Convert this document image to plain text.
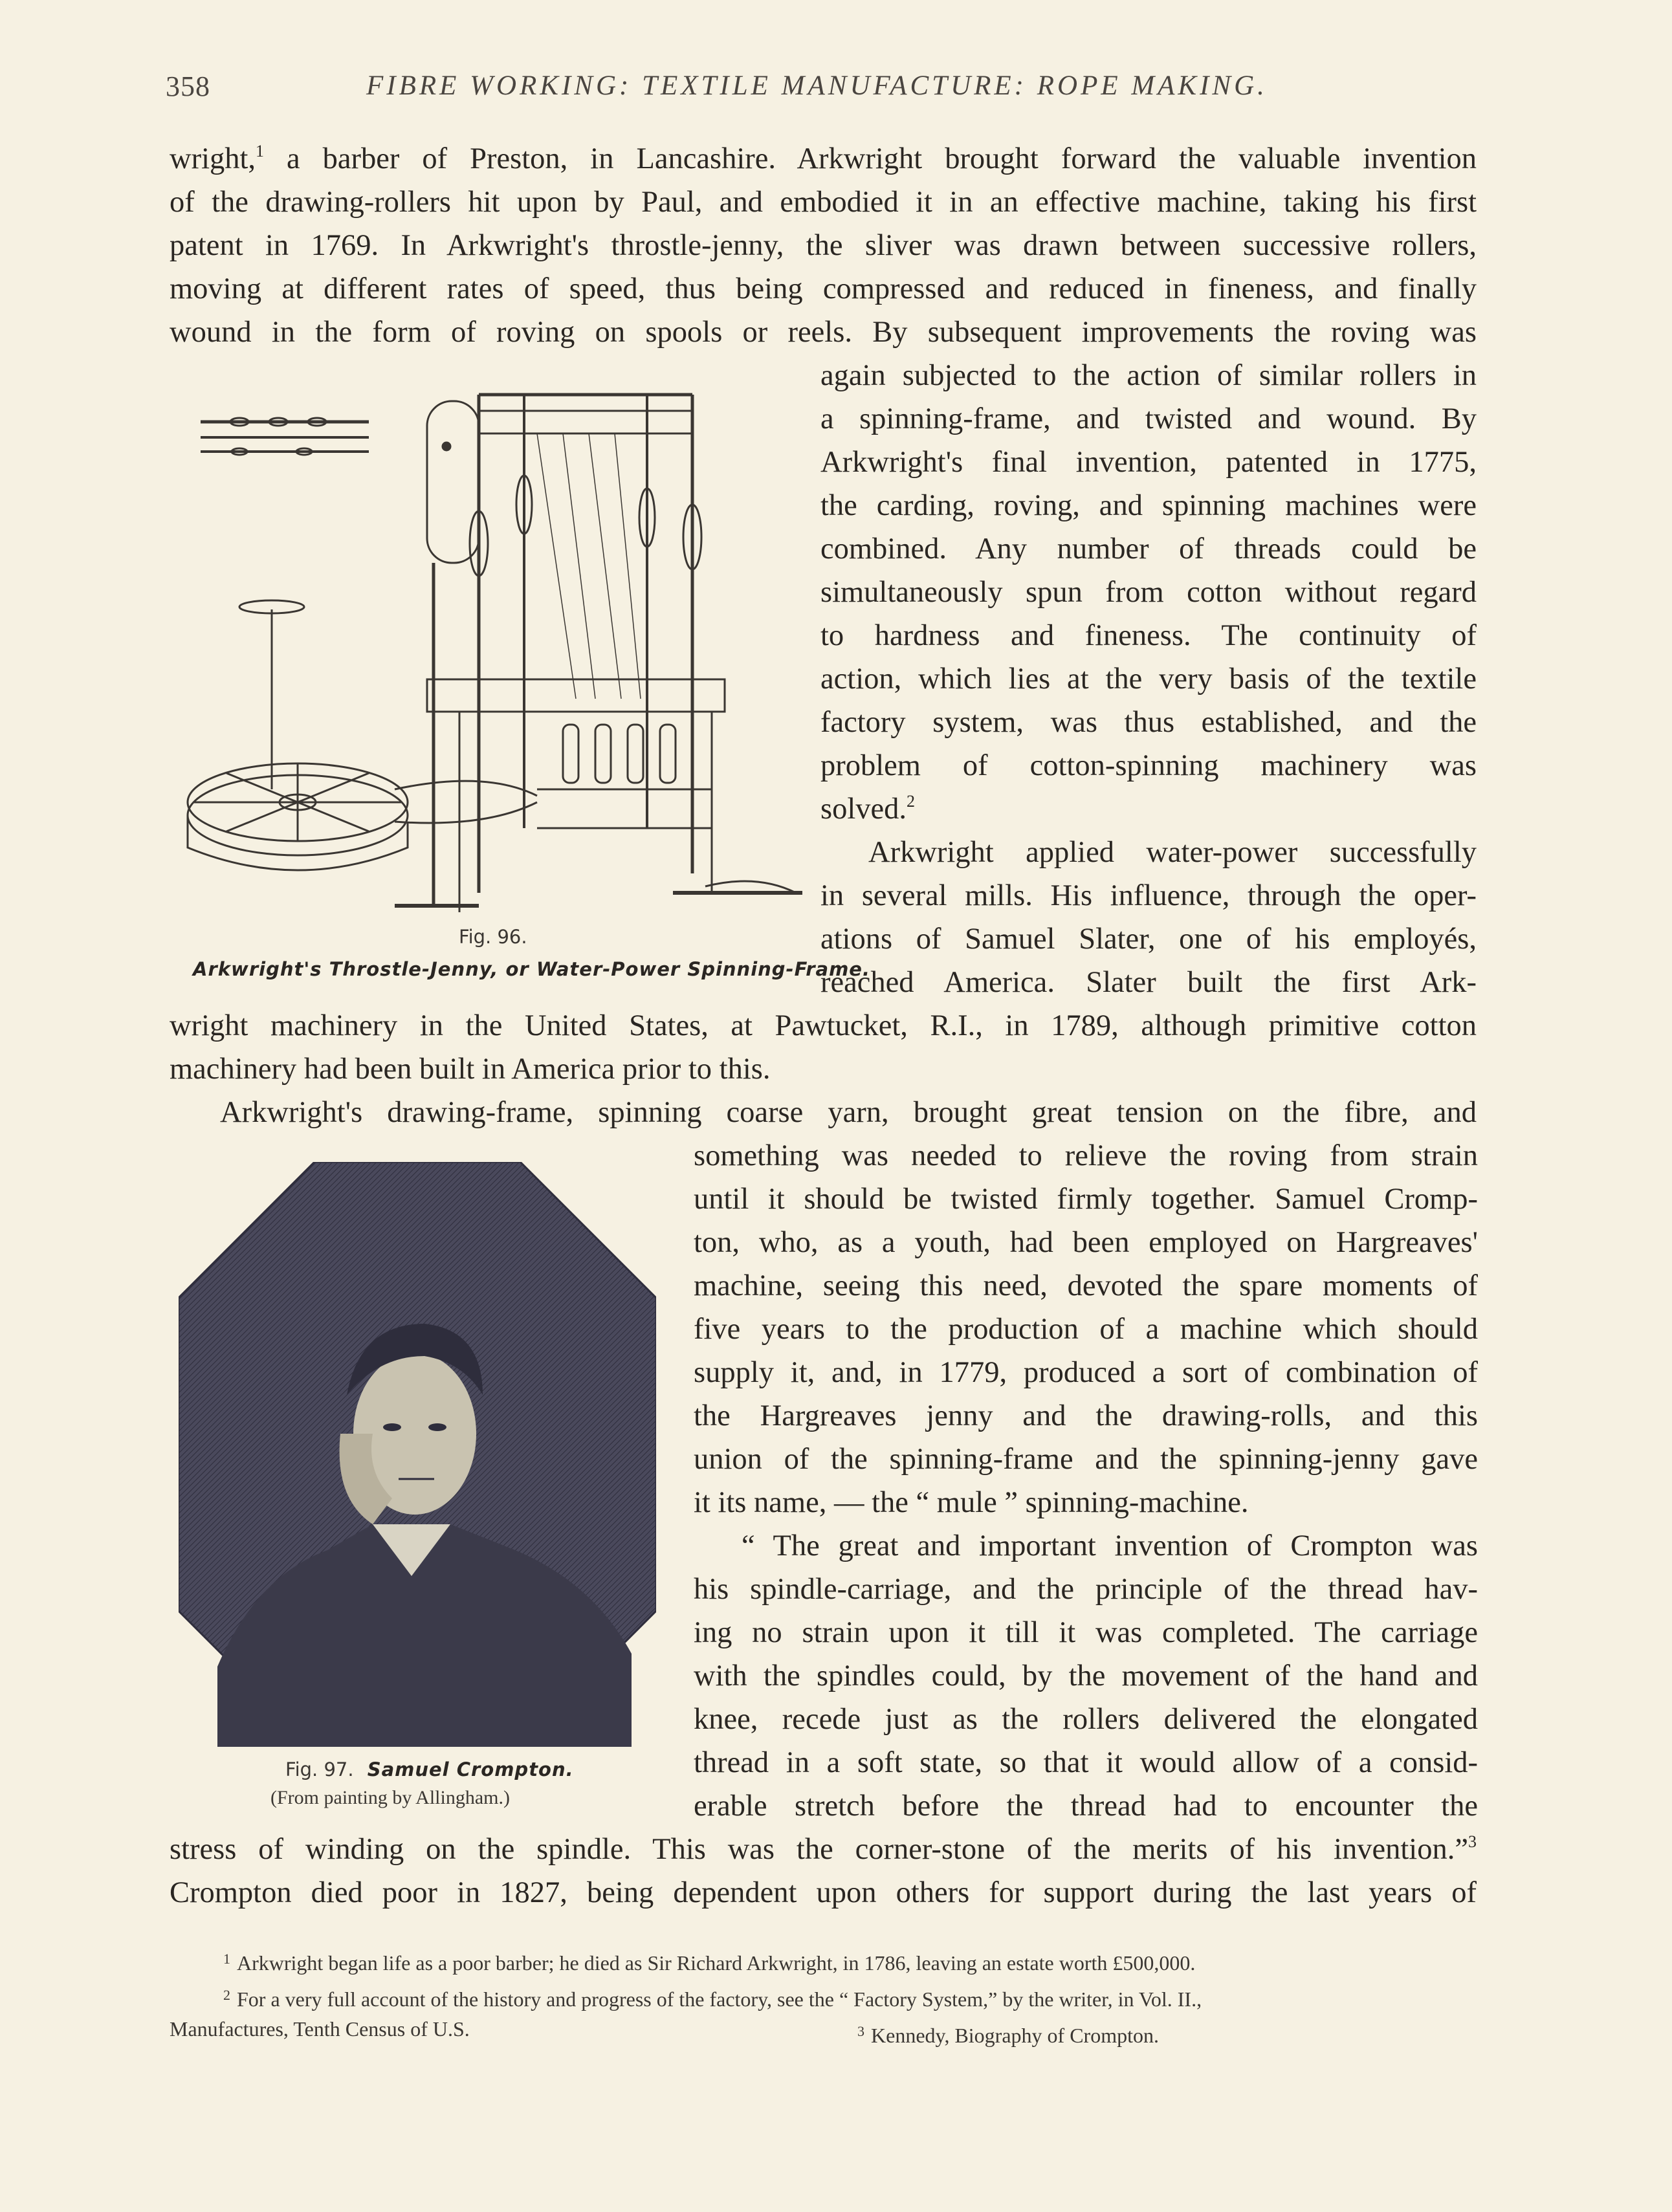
358	FIBRE WORKING: TEXTILE MANUFACTURE: ROPE MAKING.
wright,$^1$ a barber of Preston, in Lancashire. Arkwright brought forward the valuable invention
of the drawing-rollers hit upon by Paul, and embodied it in an effective machine, taking his first
patent in 1769. In Arkwright's throstle-jenny, the sliver was drawn between successive rollers,
moving at different rates of speed, thus being compressed and reduced in fineness, and finally
wound in the form of roving on spools or reels. By subsequent improvements the roving was
again subjected to the action of similar rollers in
a spinning-frame, and twisted and wound. By
Arkwright's final invention, patented in 1775,
the carding, roving, and spinning machines were
combined. Any number of threads could be
simultaneously spun from cotton without regard
to hardness and fineness. The continuity of
action, which lies at the very basis of the textile
factory system, was thus established, and the
problem of cotton-spinning machinery was
solved.$^2$
Arkwright applied water-power successfully
in several mills. His influence, through the oper-
ations of Samuel Slater, one of his employés,
reached America. Slater built the first Ark-
wright machinery in the United States, at Pawtucket, R.I., in 1789, although primitive cotton
machinery had been built in America prior to this.
Arkwright's drawing-frame, spinning coarse yarn, brought great tension on the fibre, and
something was needed to relieve the roving from strain
until it should be twisted firmly together. Samuel Cromp-
ton, who, as a youth, had been employed on Hargreaves'
machine, seeing this need, devoted the spare moments of
five years to the production of a machine which should
supply it, and, in 1779, produced a sort of combination of
the Hargreaves jenny and the drawing-rolls, and this
union of the spinning-frame and the spinning-jenny gave
it its name, — the “ mule ” spinning-machine.
“ The great and important invention of Crompton was
his spindle-carriage, and the principle of the thread hav-
ing no strain upon it till it was completed. The carriage
with the spindles could, by the movement of the hand and
knee, recede just as the rollers delivered the elongated
thread in a soft state, so that it would allow of a consid-
erable stretch before the thread had to encounter the
stress of winding on the spindle. This was the corner-stone of the merits of his invention.”$^3$
Crompton died poor in 1827, being dependent upon others for support during the last years of
Fig. 96.
Arkwright's Throstle-Jenny, or Water-Power Spinning-Frame.
Fig. 97. Samuel Crompton.
(From painting by Allingham.)
$^1$ Arkwright began life as a poor barber; he died as Sir Richard Arkwright, in 1786, leaving an estate worth £500,000.
$^2$ For a very full account of the history and progress of the factory, see the “ Factory System,” by the writer, in Vol. II.,
Manufactures, Tenth Census of U.S.	$^3$ Kennedy, Biography of Crompton.
